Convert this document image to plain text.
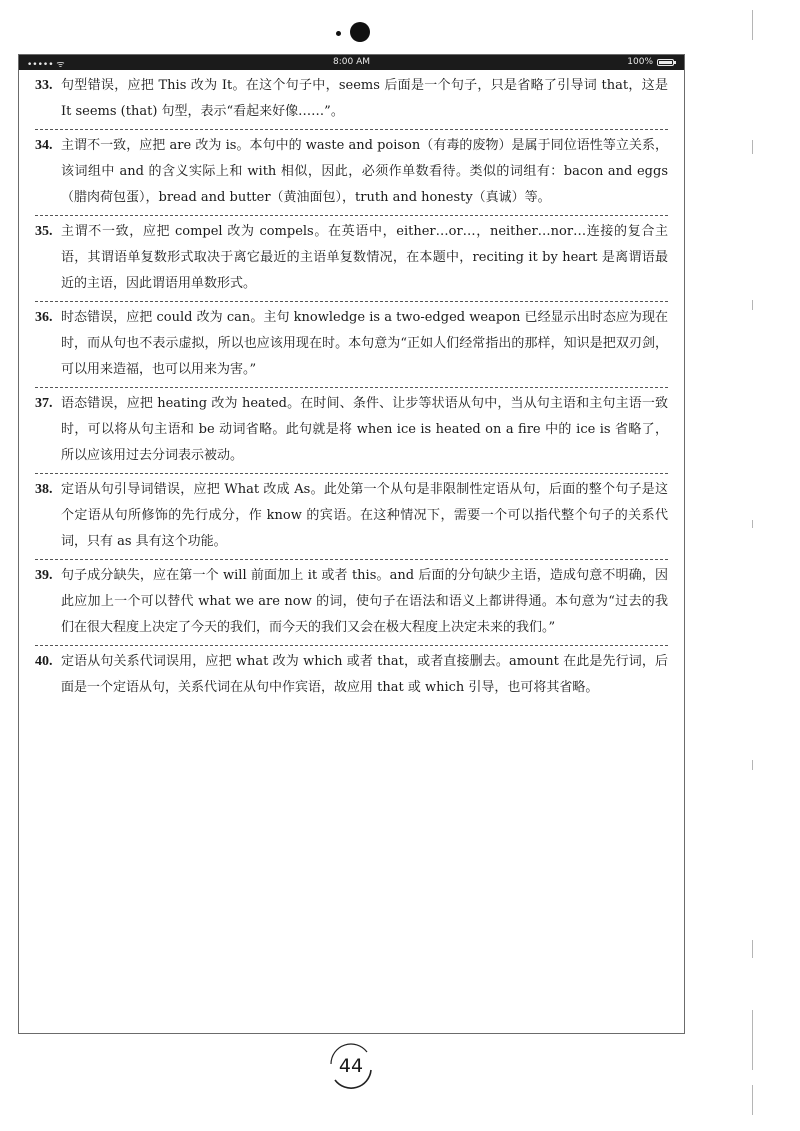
••••• ᯤ	8:00 AM	100%
33. 句型错误，应把 This 改为 It。在这个句子中，seems 后面是一个句子，只是省略了引导词 that，这是 It seems (that) 句型，表示“看起来好像……”。
34. 主谓不一致，应把 are 改为 is。本句中的 waste and poison（有毒的废物）是属于同位语性等立关系，该词组中 and 的含义实际上和 with 相似，因此，必须作单数看待。类似的词组有：bacon and eggs（腊肉荷包蛋），bread and butter（黄油面包），truth and honesty（真诚）等。
35. 主谓不一致，应把 compel 改为 compels。在英语中，either…or…，neither…nor…连接的复合主语，其谓语单复数形式取决于离它最近的主语单复数情况，在本题中，reciting it by heart 是离谓语最近的主语，因此谓语用单数形式。
36. 时态错误，应把 could 改为 can。主句 knowledge is a two-edged weapon 已经显示出时态应为现在时，而从句也不表示虚拟，所以也应该用现在时。本句意为“正如人们经常指出的那样，知识是把双刃剑，可以用来造福，也可以用来为害。”
37. 语态错误，应把 heating 改为 heated。在时间、条件、让步等状语从句中，当从句主语和主句主语一致时，可以将从句主语和 be 动词省略。此句就是将 when ice is heated on a fire 中的 ice is 省略了，所以应该用过去分词表示被动。
38. 定语从句引导词错误，应把 What 改成 As。此处第一个从句是非限制性定语从句，后面的整个句子是这个定语从句所修饰的先行成分，作 know 的宾语。在这种情况下，需要一个可以指代整个句子的关系代词，只有 as 具有这个功能。
39. 句子成分缺失，应在第一个 will 前面加上 it 或者 this。and 后面的分句缺少主语，造成句意不明确，因此应加上一个可以替代 what we are now 的词，使句子在语法和语义上都讲得通。本句意为“过去的我们在很大程度上决定了今天的我们，而今天的我们又会在极大程度上决定未来的我们。”
40. 定语从句关系代词误用，应把 what 改为 which 或者 that，或者直接删去。amount 在此是先行词，后面是一个定语从句，关系代词在从句中作宾语，故应用 that 或 which 引导，也可将其省略。
44
